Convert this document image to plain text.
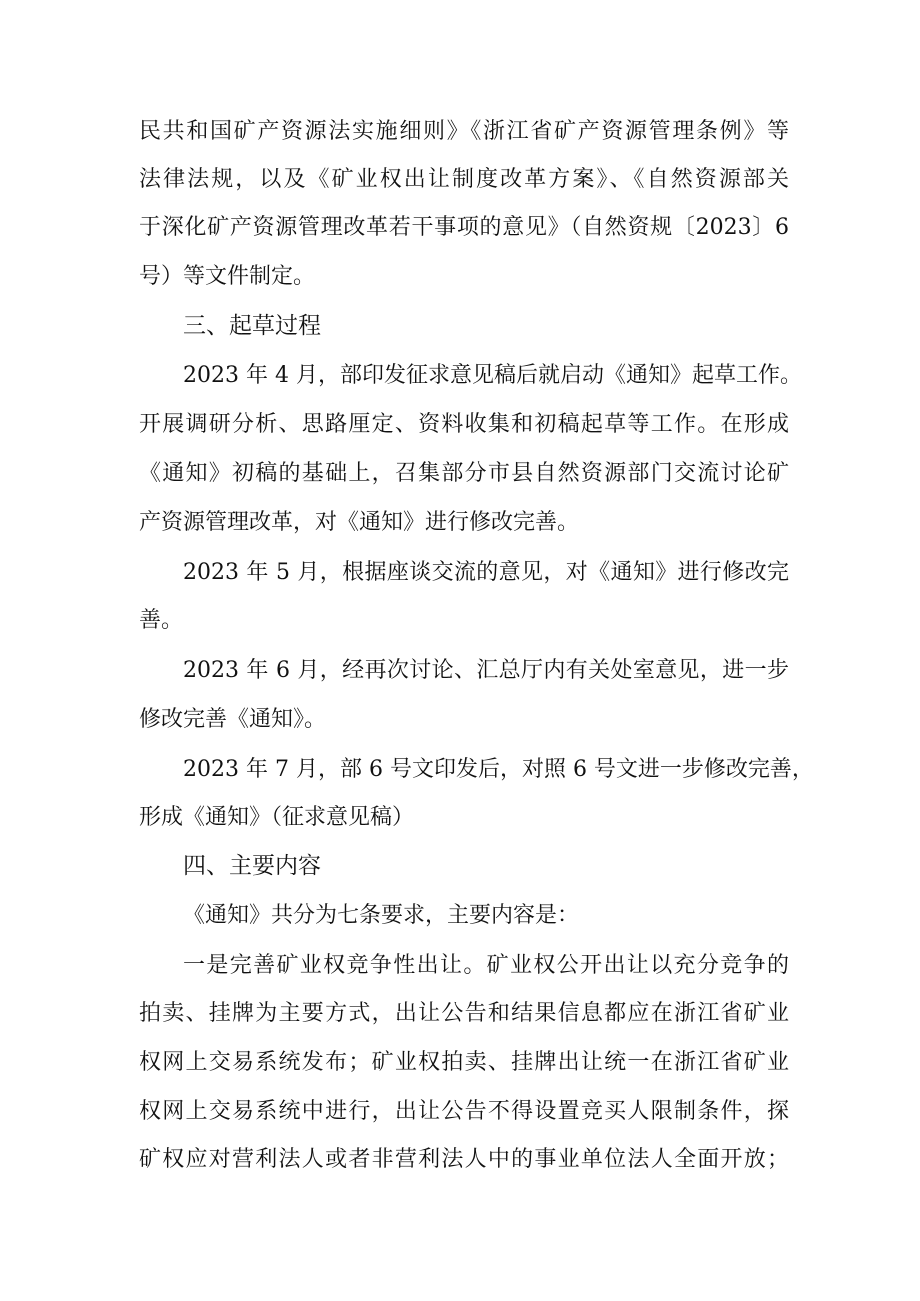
民共和国矿产资源法实施细则》《浙江省矿产资源管理条例》等
法律法规，以及《矿业权出让制度改革方案》、《自然资源部关
于深化矿产资源管理改革若干事项的意见》（自然资规〔2023〕6
号）等文件制定。
三、起草过程
2023 年 4 月，部印发征求意见稿后就启动《通知》起草工作。
开展调研分析、思路厘定、资料收集和初稿起草等工作。在形成
《通知》初稿的基础上，召集部分市县自然资源部门交流讨论矿
产资源管理改革，对《通知》进行修改完善。
2023 年 5 月，根据座谈交流的意见，对《通知》进行修改完
善。
2023 年 6 月，经再次讨论、汇总厅内有关处室意见，进一步
修改完善《通知》。
2023 年 7 月，部 6 号文印发后，对照 6 号文进一步修改完善，
形成《通知》（征求意见稿）
四、主要内容
《通知》共分为七条要求，主要内容是：
一是完善矿业权竞争性出让。矿业权公开出让以充分竞争的
拍卖、挂牌为主要方式，出让公告和结果信息都应在浙江省矿业
权网上交易系统发布；矿业权拍卖、挂牌出让统一在浙江省矿业
权网上交易系统中进行，出让公告不得设置竞买人限制条件，探
矿权应对营利法人或者非营利法人中的事业单位法人全面开放；
